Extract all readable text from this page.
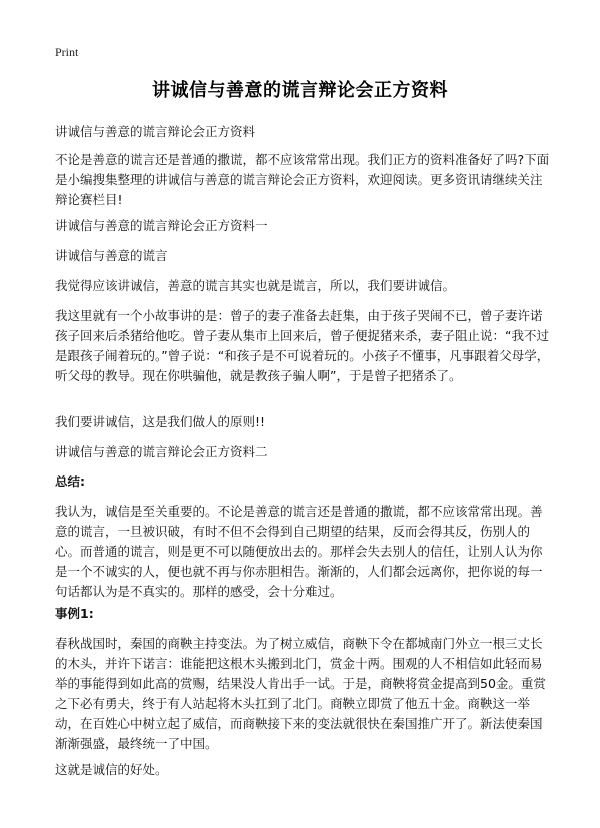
Print
讲诚信与善意的谎言辩论会正方资料

讲诚信与善意的谎言辩论会正方资料

不论是善意的谎言还是普通的撒谎，都不应该常常出现。我们正方的资料准备好了吗?下面是小编搜集整理的讲诚信与善意的谎言辩论会正方资料，欢迎阅读。更多资讯请继续关注辩论赛栏目!

讲诚信与善意的谎言辩论会正方资料一

讲诚信与善意的谎言

我觉得应该讲诚信，善意的谎言其实也就是谎言，所以，我们要讲诚信。

我这里就有一个小故事讲的是：曾子的妻子准备去赶集，由于孩子哭闹不已，曾子妻许诺孩子回来后杀猪给他吃。曾子妻从集市上回来后，曾子便捉猪来杀，妻子阻止说：“我不过是跟孩子闹着玩的。”曾子说：“和孩子是不可说着玩的。小孩子不懂事，凡事跟着父母学，听父母的教导。现在你哄骗他，就是教孩子骗人啊”，于是曾子把猪杀了。

我们要讲诚信，这是我们做人的原则!!

讲诚信与善意的谎言辩论会正方资料二

总结:

我认为，诚信是至关重要的。不论是善意的谎言还是普通的撒谎，都不应该常常出现。善意的谎言，一旦被识破，有时不但不会得到自己期望的结果，反而会得其反，伤别人的心。而普通的谎言，则是更不可以随便放出去的。那样会失去别人的信任，让别人认为你是一个不诚实的人，便也就不再与你赤胆相告。渐渐的，人们都会远离你，把你说的每一句话都认为是不真实的。那样的感受，会十分难过。

事例1:

春秋战国时，秦国的商鞅主持变法。为了树立威信，商鞅下令在都城南门外立一根三丈长的木头，并许下诺言：谁能把这根木头搬到北门，赏金十两。围观的人不相信如此轻而易举的事能得到如此高的赏赐，结果没人肯出手一试。于是，商鞅将赏金提高到50金。重赏之下必有勇夫，终于有人站起将木头扛到了北门。商鞅立即赏了他五十金。商鞅这一举动，在百姓心中树立起了威信，而商鞅接下来的变法就很快在秦国推广开了。新法使秦国渐渐强盛，最终统一了中国。

这就是诚信的好处。
